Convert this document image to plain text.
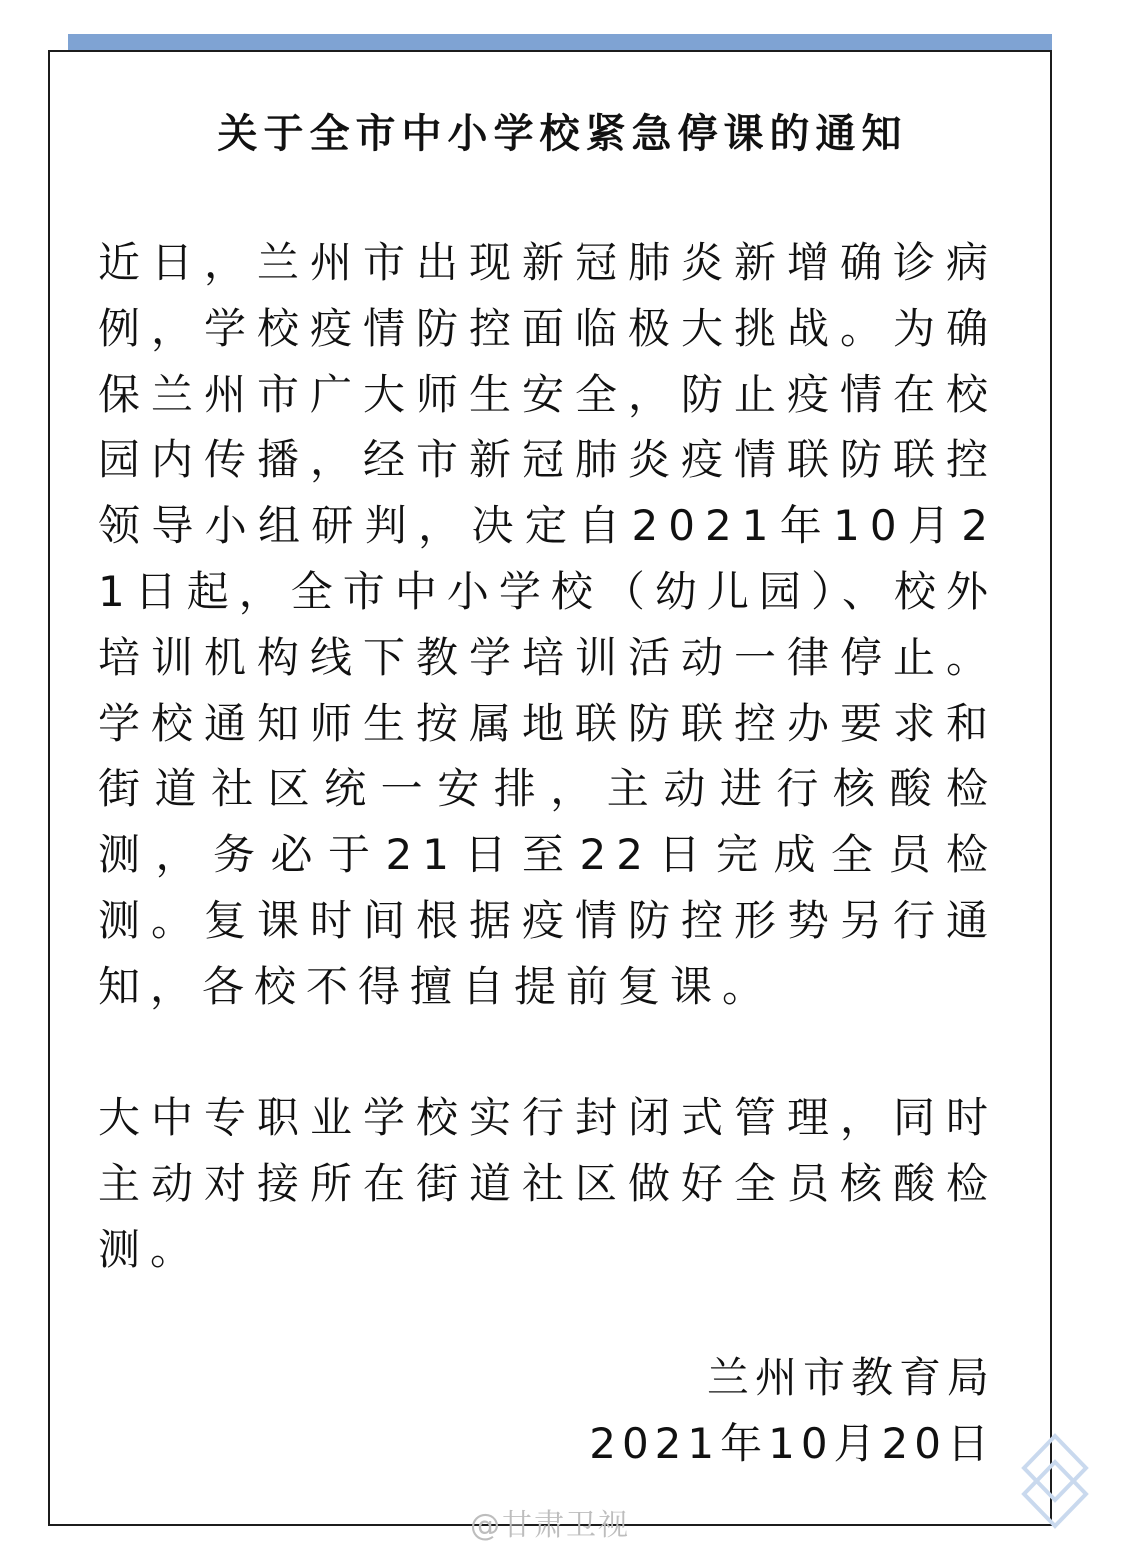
关于全市中小学校紧急停课的通知

近日，兰州市出现新冠肺炎新增确诊病例，学校疫情防控面临极大挑战。为确保兰州市广大师生安全，防止疫情在校园内传播，经市新冠肺炎疫情联防联控领导小组研判，决定自2021年10月21日起，全市中小学校（幼儿园）、校外培训机构线下教学培训活动一律停止。学校通知师生按属地联防联控办要求和街道社区统一安排，主动进行核酸检测，务必于21日至22日完成全员检测。复课时间根据疫情防控形势另行通知，各校不得擅自提前复课。

大中专职业学校实行封闭式管理，同时主动对接所在街道社区做好全员核酸检测。

兰州市教育局

2021年10月20日

@甘肃卫视
